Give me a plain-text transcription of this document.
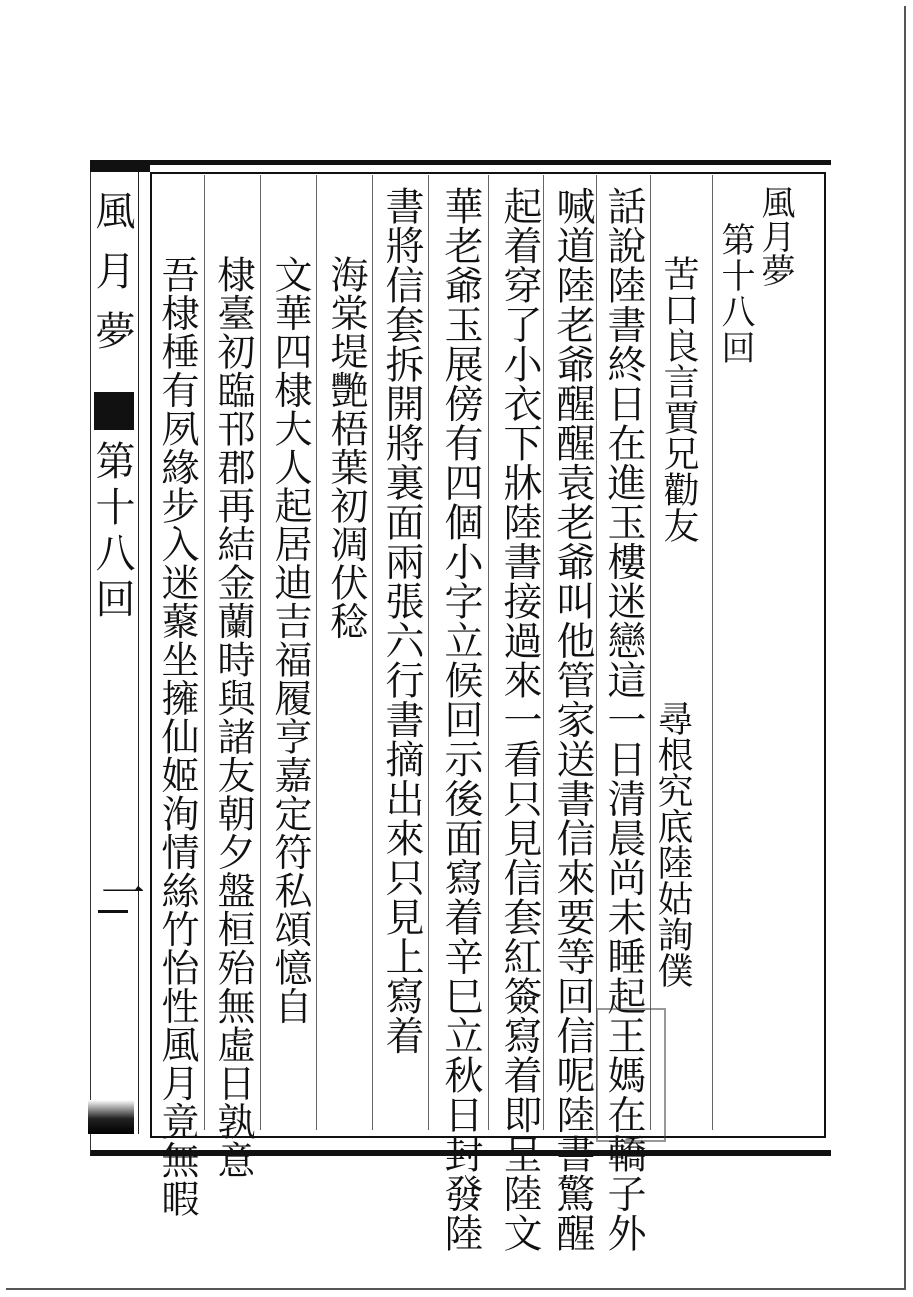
風月夢
第十八回
風月夢
第十八回
苦口良言賈兄勸友
尋根究底陸姑詢僕
話說陸書終日在進玉樓迷戀這一日清晨尚未睡起王媽在轎子外
喊道陸老爺醒醒袁老爺叫他管家送書信來要等回信呢陸書驚醒
起着穿了小衣下牀陸書接過來一看只見信套紅簽寫着即呈陸文
華老爺玉展傍有四個小字立候回示後面寫着辛巳立秋日封發陸
書將信套拆開將裏面兩張六行書摘出來只見上寫着
海棠堤艷梧葉初凋伏稔
文華四棣大人起居迪吉福履亨嘉定符私頌憶自
棣臺初臨邗郡再結金蘭時與諸友朝夕盤桓殆無虛日孰意
吾棣棰有夙緣步入迷藂坐擁仙姬洵情絲竹怡性風月竟無暇
一
